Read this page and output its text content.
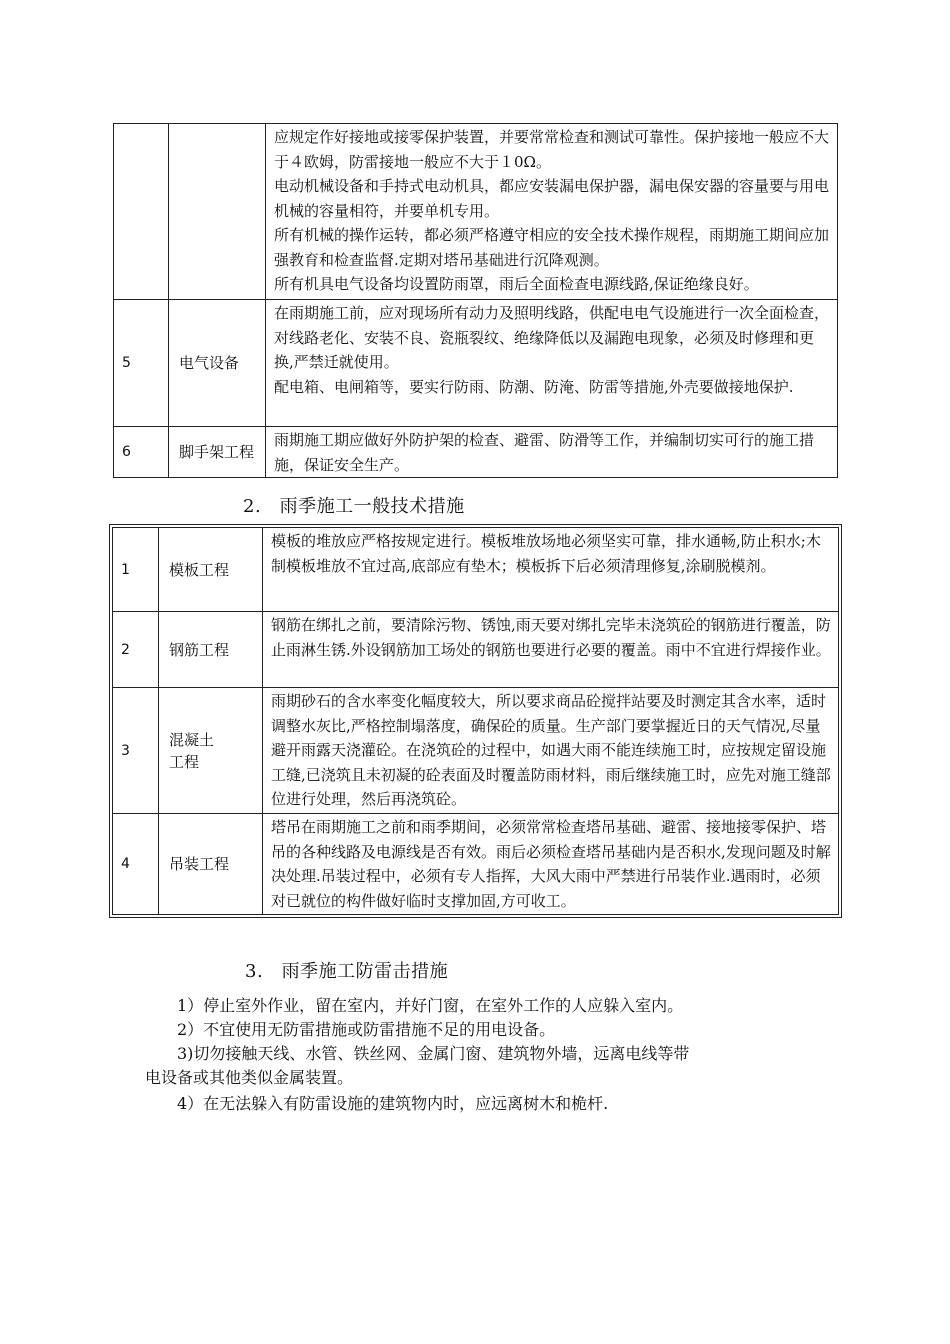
		应规定作好接地或接零保护装置，并要常常检查和测试可靠性。保护接地一般应不大于４欧姆，防雷接地一般应不大于１0Ω。
电动机械设备和手持式电动机具，都应安装漏电保护器，漏电保安器的容量要与用电机械的容量相符，并要单机专用。
所有机械的操作运转，都必须严格遵守相应的安全技术操作规程，雨期施工期间应加强教育和检查监督.定期对塔吊基础进行沉降观测。
所有机具电气设备均设置防雨罩，雨后全面检查电源线路,保证绝缘良好。

5	电气设备	在雨期施工前，应对现场所有动力及照明线路，供配电电气设施进行一次全面检查，对线路老化、安装不良、瓷瓶裂纹、绝缘降低以及漏跑电现象，必须及时修理和更换,严禁迁就使用。
配电箱、电闸箱等，要实行防雨、防潮、防淹、防雷等措施,外壳要做接地保护.

6	脚手架工程	雨期施工期应做好外防护架的检查、避雷、防滑等工作，并编制切实可行的施工措施，保证安全生产。
2.　雨季施工一般技术措施
1	模板工程	模板的堆放应严格按规定进行。模板堆放场地必须坚实可靠，排水通畅,防止积水;木制模板堆放不宜过高,底部应有垫木；模板拆下后必须清理修复,涂刷脱模剂。
2	钢筋工程	钢筋在绑扎之前，要清除污物、锈蚀,雨天要对绑扎完毕未浇筑砼的钢筋进行覆盖，防止雨淋生锈.外设钢筋加工场处的钢筋也要进行必要的覆盖。雨中不宜进行焊接作业。
3	混凝土工程	雨期砂石的含水率变化幅度较大，所以要求商品砼搅拌站要及时测定其含水率，适时调整水灰比,严格控制塌落度，确保砼的质量。生产部门要掌握近日的天气情况,尽量避开雨露天浇灌砼。在浇筑砼的过程中，如遇大雨不能连续施工时，应按规定留设施工缝,已浇筑且未初凝的砼表面及时覆盖防雨材料，雨后继续施工时，应先对施工缝部位进行处理，然后再浇筑砼。
4	吊装工程	塔吊在雨期施工之前和雨季期间，必须常常检查塔吊基础、避雷、接地接零保护、塔吊的各种线路及电源线是否有效。雨后必须检查塔吊基础内是否积水,发现问题及时解决处理.吊装过程中，必须有专人指挥，大风大雨中严禁进行吊装作业.遇雨时，必须对已就位的构件做好临时支撑加固,方可收工。
3.　雨季施工防雷击措施
1）停止室外作业，留在室内，并好门窗，在室外工作的人应躲入室内。
2）不宜使用无防雷措施或防雷措施不足的用电设备。
3)切勿接触天线、水管、铁丝网、金属门窗、建筑物外墙，远离电线等带
电设备或其他类似金属装置。
4）在无法躲入有防雷设施的建筑物内时，应远离树木和桅杆.
